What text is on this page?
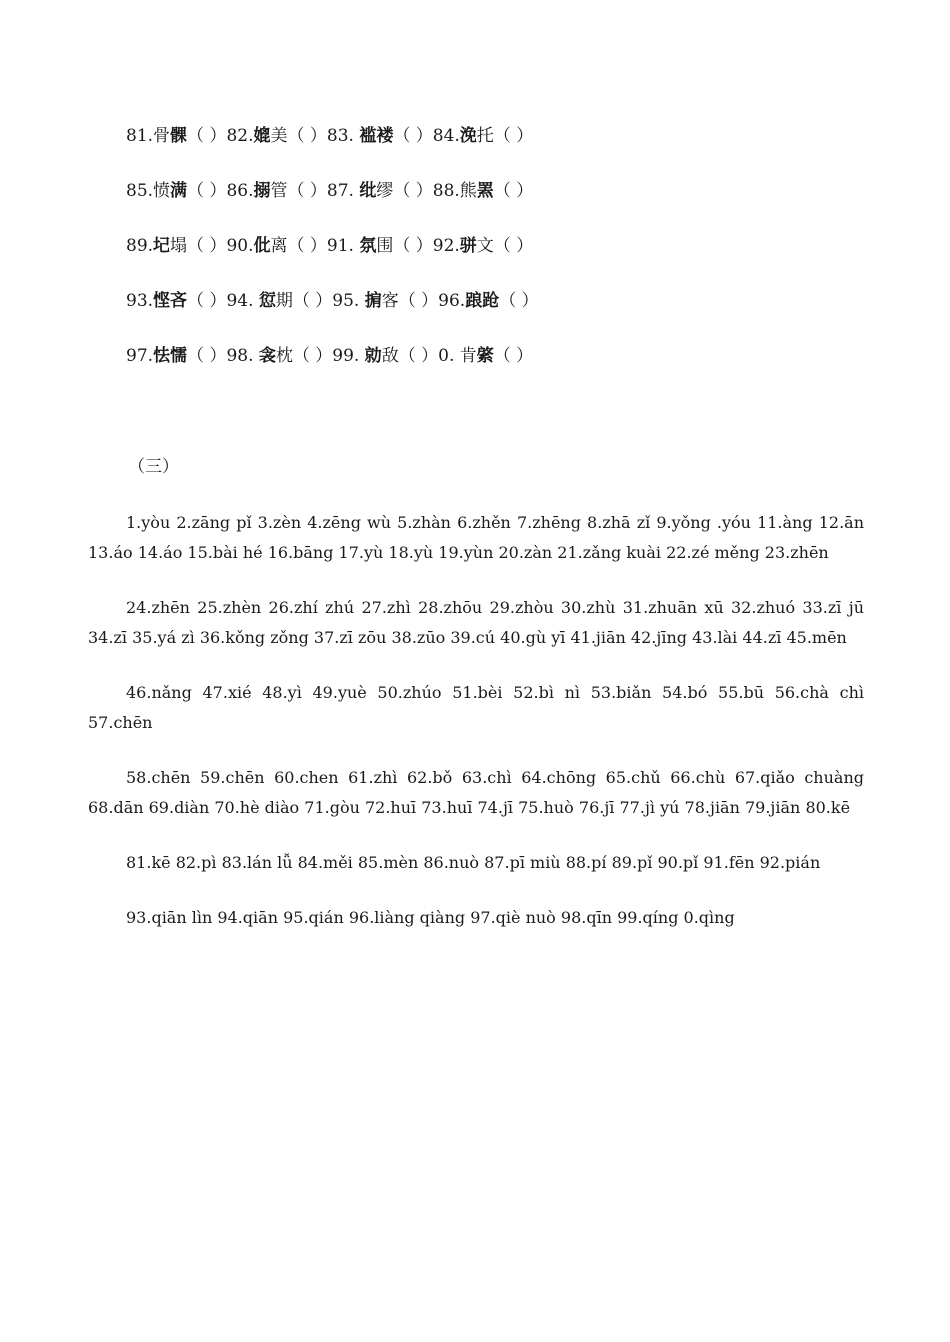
81.骨髁（ ）82.媲美（ ）83. 褴褛（ ）84.浼托（ ）
85.愤满（ ）86.搦管（ ）87. 纰缪（ ）88.熊罴（ ）
89.圮塌（ ）90.仳离（ ）91. 氛围（ ）92.骈文（ ）
93.悭吝（ ）94. 愆期（ ）95. 掮客（ ）96.踉跄（ ）
97.怯懦（ ）98. 衾枕（ ）99. 勍敌（ ）0. 肯綮（ ）
（三）

1.yòu 2.zāng pǐ 3.zèn 4.zēng wù 5.zhàn 6.zhěn 7.zhēng 8.zhā zǐ 9.yǒng .yóu 11.àng 12.ān 13.áo 14.áo 15.bài hé 16.bāng 17.yù 18.yù 19.yùn 20.zàn 21.zǎng kuài 22.zé měng 23.zhēn

24.zhēn 25.zhèn 26.zhí zhú 27.zhì 28.zhōu 29.zhòu 30.zhù 31.zhuān xū 32.zhuó 33.zī jū 34.zī 35.yá zì 36.kǒng zǒng 37.zī zōu 38.zūo 39.cú 40.gù yī 41.jiān 42.jīng 43.lài 44.zī 45.mēn

46.nǎng 47.xié 48.yì 49.yuè 50.zhúo 51.bèi 52.bì nì 53.biǎn 54.bó 55.bū 56.chà chì 57.chēn

58.chēn 59.chēn 60.chen 61.zhì 62.bǒ 63.chì 64.chōng 65.chǔ 66.chù 67.qiǎo chuàng 68.dān 69.diàn 70.hè diào 71.gòu 72.huī 73.huī 74.jī 75.huò 76.jī 77.jì yú 78.jiān 79.jiān 80.kē

81.kē 82.pì 83.lán lǚ 84.měi 85.mèn 86.nuò 87.pī miù 88.pí 89.pǐ 90.pǐ 91.fēn 92.pián

93.qiān lìn 94.qiān 95.qián 96.liàng qiàng 97.qiè nuò 98.qīn 99.qíng 0.qìng
